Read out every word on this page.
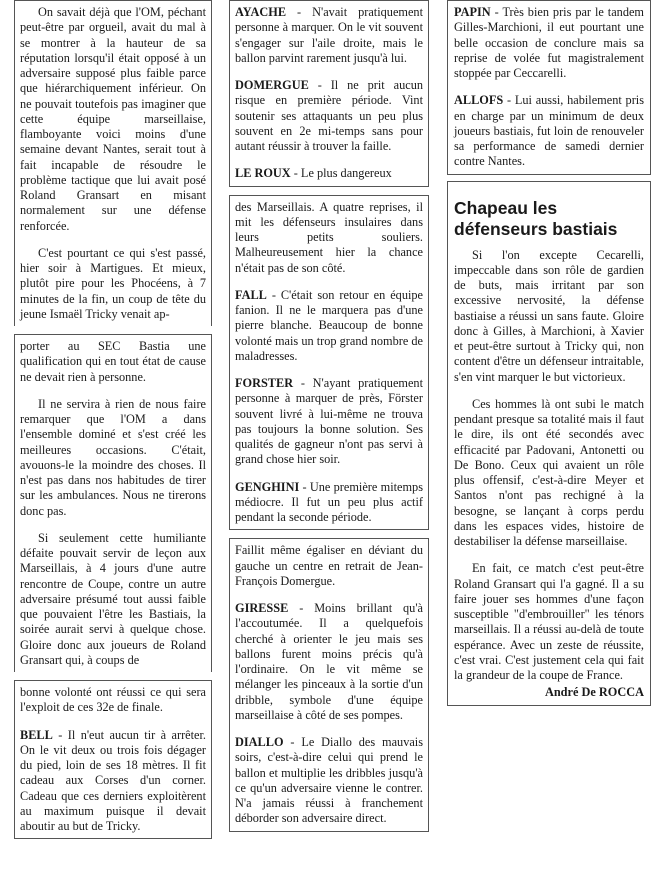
On savait déjà que l'OM, péchant peut-être par orgueil, avait du mal à se montrer à la hauteur de sa réputation lorsqu'il était opposé à un adversaire supposé plus faible parce que hiérarchiquement inférieur. On ne pouvait toutefois pas imaginer que cette équipe marseillaise, flamboyante voici moins d'une semaine devant Nantes, serait tout à fait incapable de résoudre le problème tactique que lui avait posé Roland Gransart en misant normalement sur une défense renforcée.

C'est pourtant ce qui s'est passé, hier soir à Martigues. Et mieux, plutôt pire pour les Phocéens, à 7 minutes de la fin, un coup de tête du jeune Ismaël Tricky venait ap-

porter au SEC Bastia une qualification qui en tout état de cause ne devait rien à personne.

Il ne servira à rien de nous faire remarquer que l'OM a dans l'ensemble dominé et s'est créé les meilleures occasions. C'était, avouons-le la moindre des choses. Il n'est pas dans nos habitudes de tirer sur les ambulances. Nous ne tirerons donc pas.

Si seulement cette humiliante défaite pouvait servir de leçon aux Marseillais, à 4 jours d'une autre rencontre de Coupe, contre un autre adversaire présumé tout aussi faible que pouvaient l'être les Bastiais, la soirée aurait servi à quelque chose. Gloire donc aux joueurs de Roland Gransart qui, à coups de

bonne volonté ont réussi ce qui sera l'exploit de ces 32e de finale.

BELL - Il n'eut aucun tir à arrêter. On le vit deux ou trois fois dégager du pied, loin de ses 18 mètres. Il fit cadeau aux Corses d'un corner. Cadeau que ces derniers exploitèrent au maximum puisque il devait aboutir au but de Tricky.

AYACHE - N'avait pratiquement personne à marquer. On le vit souvent s'engager sur l'aile droite, mais le ballon parvint rarement jusqu'à lui.

DOMERGUE - Il ne prit aucun risque en première période. Vint soutenir ses attaquants un peu plus souvent en 2e mi-temps sans pour autant réussir à trouver la faille.

LE ROUX - Le plus dangereux

des Marseillais. A quatre reprises, il mit les défenseurs insulaires dans leurs petits souliers. Malheureusement hier la chance n'était pas de son côté.

FALL - C'était son retour en équipe fanion. Il ne le marquera pas d'une pierre blanche. Beaucoup de bonne volonté mais un trop grand nombre de maladresses.

FORSTER - N'ayant pratiquement personne à marquer de près, Förster souvent livré à lui-même ne trouva pas toujours la bonne solution. Ses qualités de gagneur n'ont pas servi à grand chose hier soir.

GENGHINI - Une première mitemps médiocre. Il fut un peu plus actif pendant la seconde période.

Faillit même égaliser en déviant du gauche un centre en retrait de Jean-François Domergue.

GIRESSE - Moins brillant qu'à l'accoutumée. Il a quelquefois cherché à orienter le jeu mais ses ballons furent moins précis qu'à l'ordinaire. On le vit même se mélanger les pinceaux à la sortie d'un dribble, symbole d'une équipe marseillaise à côté de ses pompes.

DIALLO - Le Diallo des mauvais soirs, c'est-à-dire celui qui prend le ballon et multiplie les dribbles jusqu'à ce qu'un adversaire vienne le contrer. N'a jamais réussi à franchement déborder son adversaire direct.

PAPIN - Très bien pris par le tandem Gilles-Marchioni, il eut pourtant une belle occasion de conclure mais sa reprise de volée fut magistralement stoppée par Ceccarelli.

ALLOFS - Lui aussi, habilement pris en charge par un minimum de deux joueurs bastiais, fut loin de renouveler sa performance de samedi dernier contre Nantes.

Chapeau les défenseurs bastiais

Si l'on excepte Cecarelli, impeccable dans son rôle de gardien de buts, mais irritant par son excessive nervosité, la défense bastiaise a réussi un sans faute. Gloire donc à Gilles, à Marchioni, à Xavier et peut-être surtout à Tricky qui, non content d'être un défenseur intraitable, s'en vint marquer le but victorieux.

Ces hommes là ont subi le match pendant presque sa totalité mais il faut le dire, ils ont été secondés avec efficacité par Padovani, Antonetti ou De Bono. Ceux qui avaient un rôle plus offensif, c'est-à-dire Meyer et Santos n'ont pas rechigné à la besogne, se lançant à corps perdu dans les espaces vides, histoire de destabiliser la défense marseillaise.

En fait, ce match c'est peut-être Roland Gransart qui l'a gagné. Il a su faire jouer ses hommes d'une façon susceptible "d'embrouiller" les ténors marseillais. Il a réussi au-delà de toute espérance. Avec un zeste de réussite, c'est vrai. C'est justement cela qui fait la grandeur de la coupe de France.

André De ROCCA
